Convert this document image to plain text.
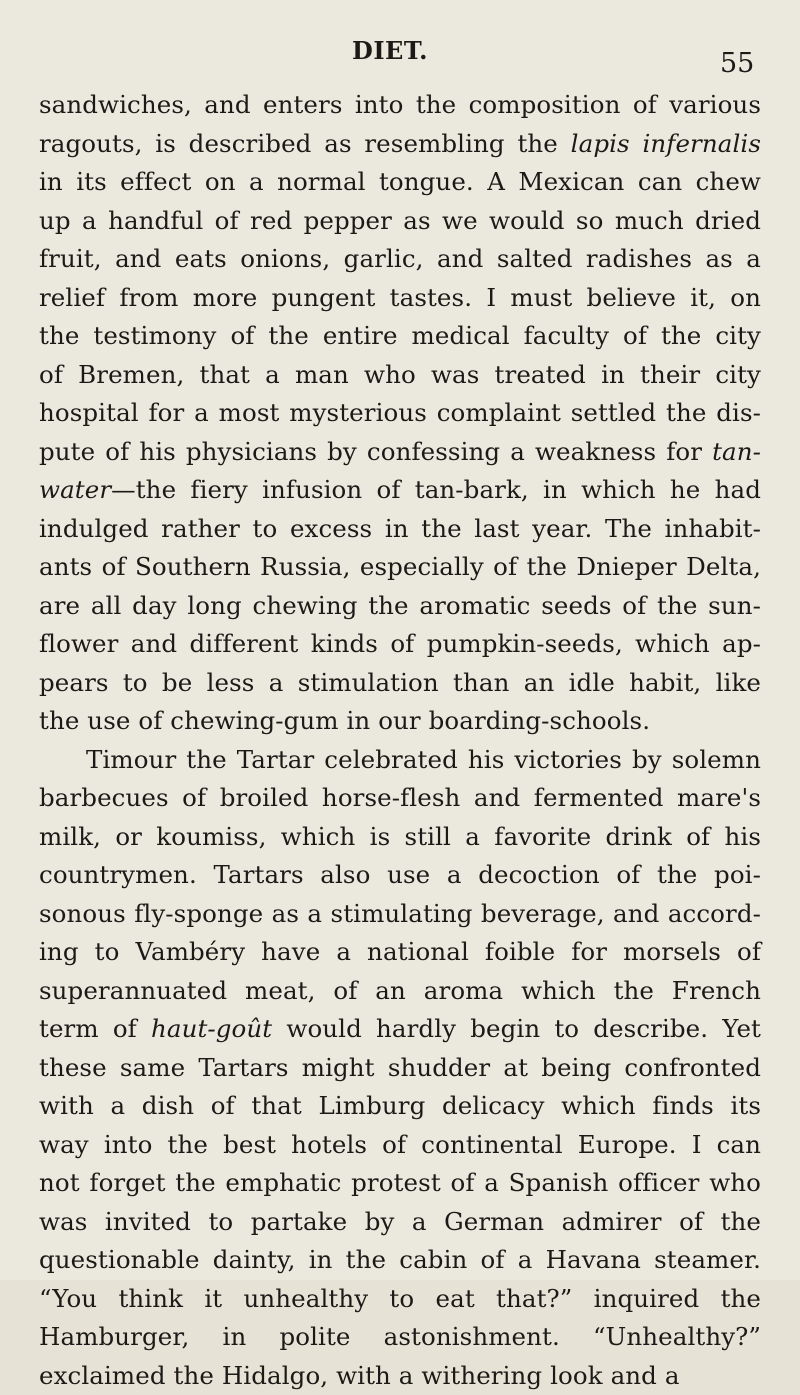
DIET.	55
sandwiches, and enters into the composition of various
ragouts, is described as resembling the lapis infernalis
in its effect on a normal tongue. A Mexican can chew
up a handful of red pepper as we would so much dried
fruit, and eats onions, garlic, and salted radishes as a
relief from more pungent tastes. I must believe it, on
the testimony of the entire medical faculty of the city
of Bremen, that a man who was treated in their city
hospital for a most mysterious complaint settled the dis-
pute of his physicians by confessing a weakness for tan-
water—the fiery infusion of tan-bark, in which he had
indulged rather to excess in the last year. The inhabit-
ants of Southern Russia, especially of the Dnieper Delta,
are all day long chewing the aromatic seeds of the sun-
flower and different kinds of pumpkin-seeds, which ap-
pears to be less a stimulation than an idle habit, like
the use of chewing-gum in our boarding-schools.
Timour the Tartar celebrated his victories by solemn
barbecues of broiled horse-flesh and fermented mare's
milk, or koumiss, which is still a favorite drink of his
countrymen. Tartars also use a decoction of the poi-
sonous fly-sponge as a stimulating beverage, and accord-
ing to Vambéry have a national foible for morsels of
superannuated meat, of an aroma which the French
term of haut-goût would hardly begin to describe. Yet
these same Tartars might shudder at being confronted
with a dish of that Limburg delicacy which finds its
way into the best hotels of continental Europe. I can
not forget the emphatic protest of a Spanish officer who
was invited to partake by a German admirer of the
questionable dainty, in the cabin of a Havana steamer.
“You think it unhealthy to eat that?” inquired the
Hamburger, in polite astonishment. “Unhealthy?”
exclaimed the Hidalgo, with a withering look and a
